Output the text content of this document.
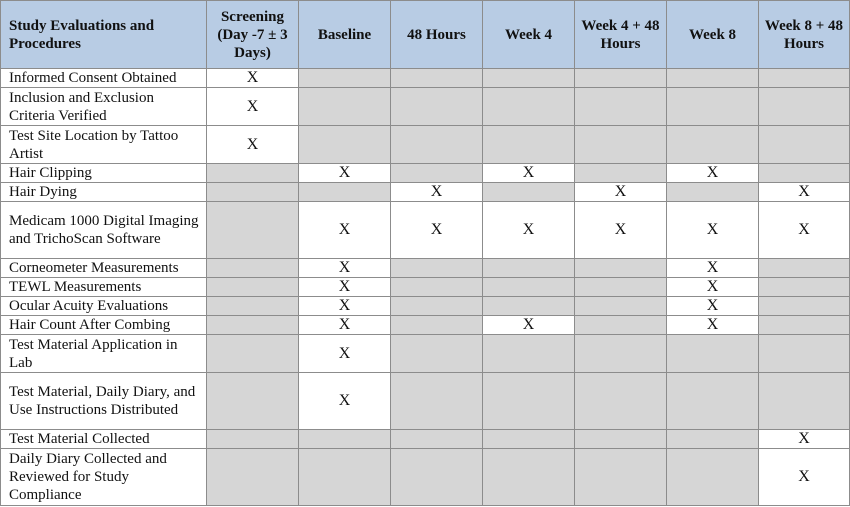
Study Evaluations and Procedures	Screening (Day -7 ± 3 Days)	Baseline	48 Hours	Week 4	Week 4 + 48 Hours	Week 8	Week 8 + 48 Hours
Informed Consent Obtained	X						
Inclusion and Exclusion Criteria Verified	X						
Test Site Location by Tattoo Artist	X						
Hair Clipping		X		X		X	
Hair Dying			X		X		X
Medicam 1000 Digital Imaging and TrichoScan Software		X	X	X	X	X	X
Corneometer Measurements		X				X	
TEWL Measurements		X				X	
Ocular Acuity Evaluations		X				X	
Hair Count After Combing		X		X		X	
Test Material Application in Lab		X					
Test Material, Daily Diary, and Use Instructions Distributed		X					
Test Material Collected							X
Daily Diary Collected and Reviewed for Study Compliance							X
